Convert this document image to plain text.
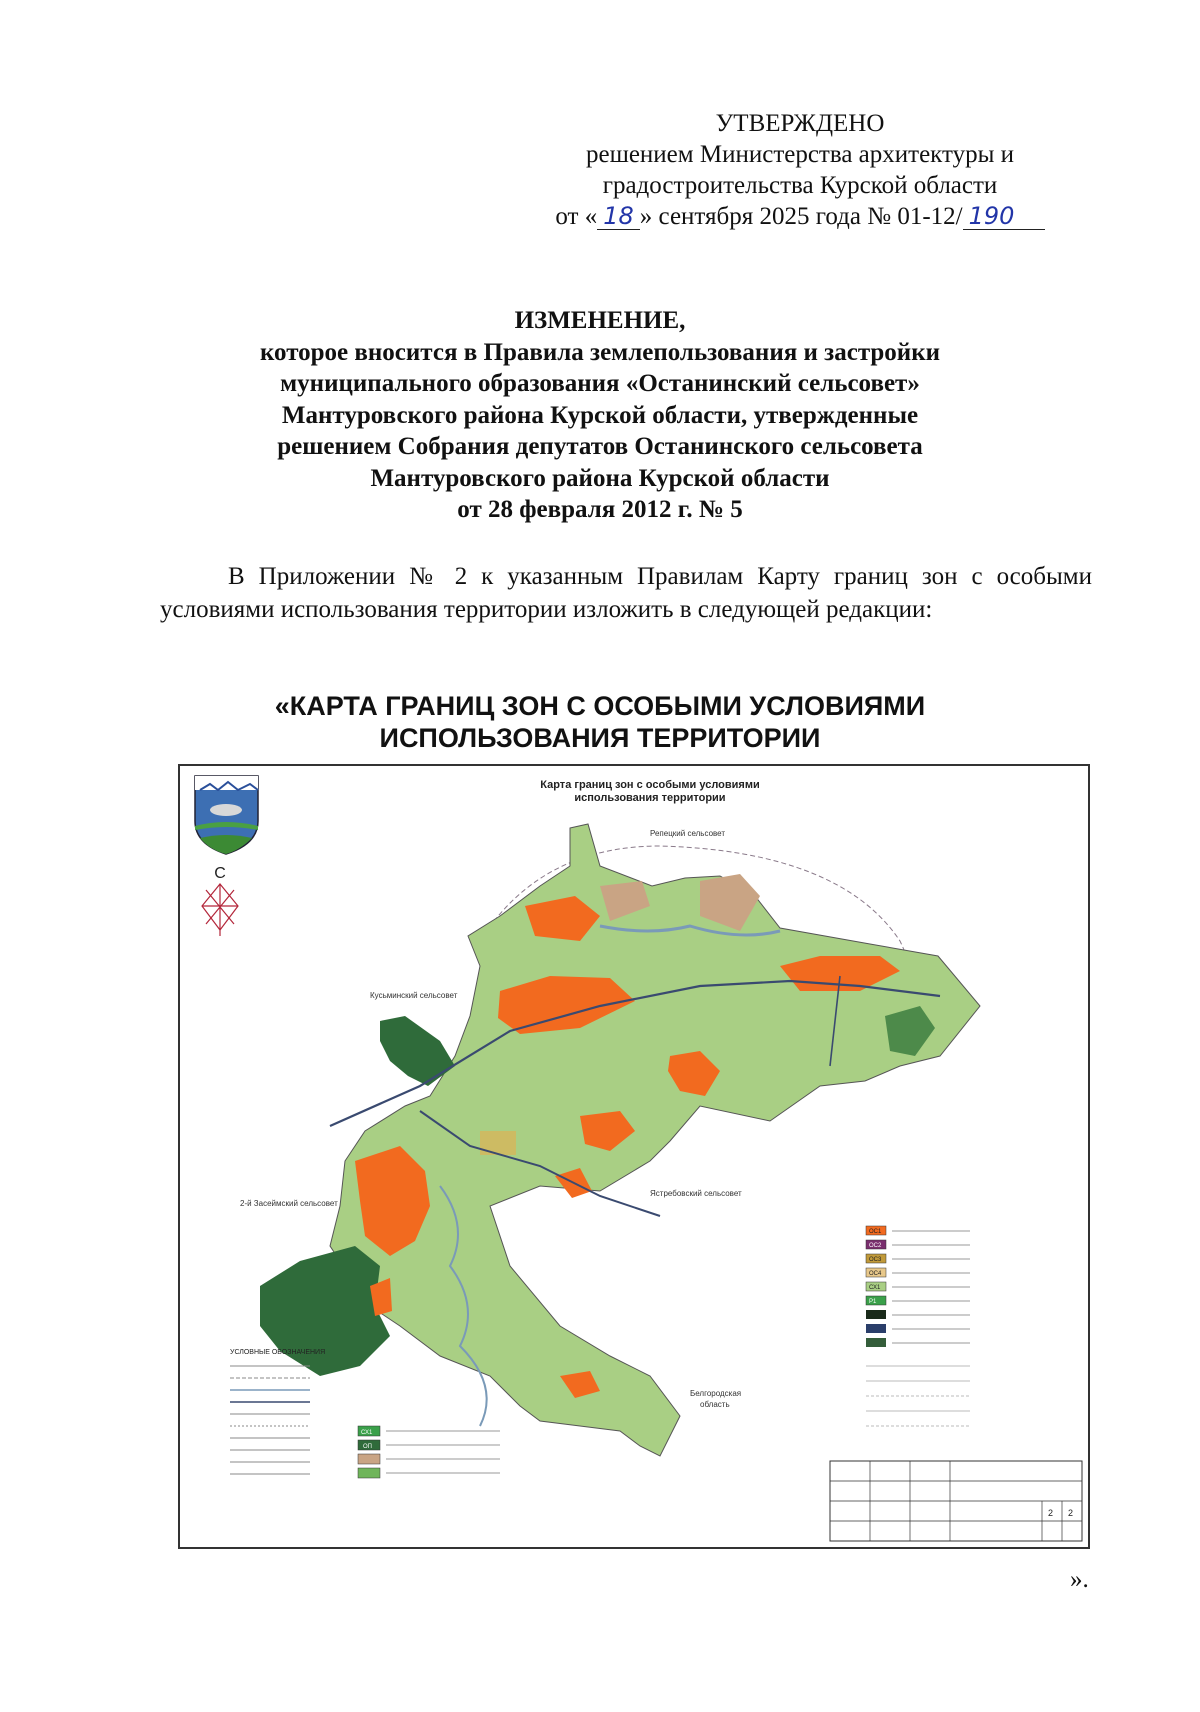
УТВЕРЖДЕНО
решением Министерства архитектуры и
градостроительства Курской области
от « 18 » сентября 2025 года № 01-12/ 190
ИЗМЕНЕНИЕ,
которое вносится в Правила землепользования и застройки
муниципального образования «Останинский сельсовет»
Мантуровского района Курской области, утвержденные
решением Собрания депутатов Останинского сельсовета
Мантуровского района Курской области
от 28 февраля 2012 г. № 5
В Приложении № 2 к указанным Правилам Карту границ зон с особыми условиями использования территории изложить в следующей редакции:
«КАРТА ГРАНИЦ ЗОН С ОСОБЫМИ УСЛОВИЯМИ
ИСПОЛЬЗОВАНИЯ ТЕРРИТОРИИ
Карта границ зон с особыми условиями
использования территории
С
Репецкий сельсовет
Кусьминский сельсовет
2-й Засеймский сельсовет
Ястребовский сельсовет
Белгородская
область
УСЛОВНЫЕ ОБОЗНАЧЕНИЯ
СХ1
ОП
ОС1
ОС2
ОС3
ОС4
СХ1
Р1
2 2
».
